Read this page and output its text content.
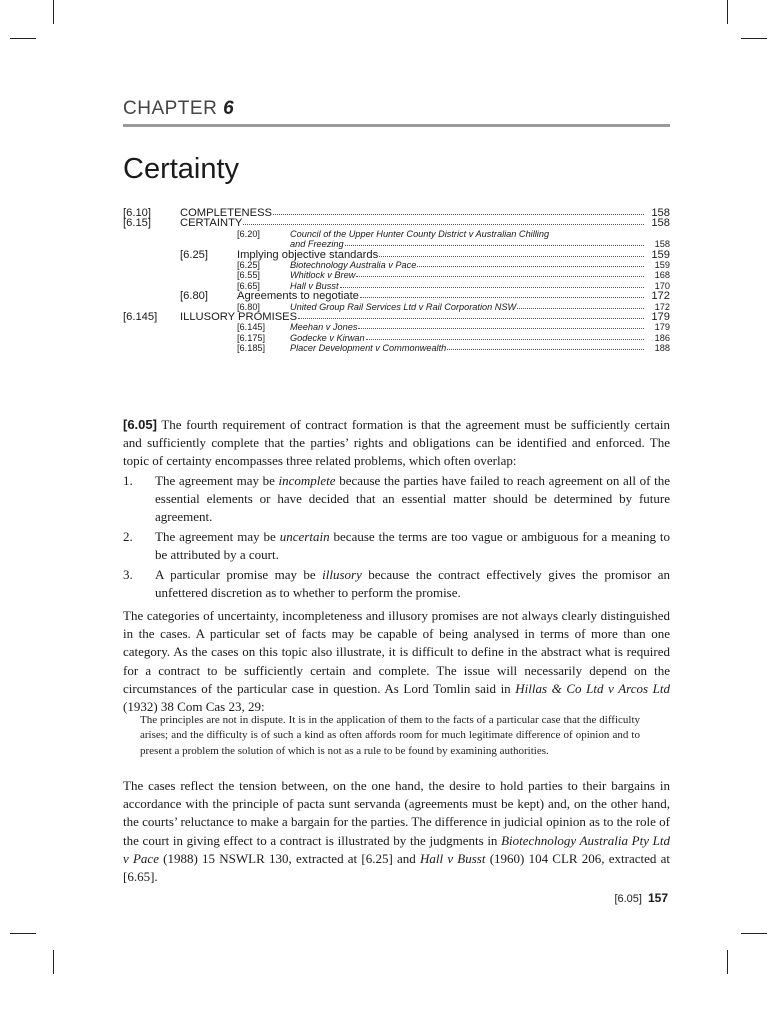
CHAPTER 6
Certainty
[6.10]	COMPLETENESS	158
[6.15]	CERTAINTY	158
[6.20]	Council of the Upper Hunter County District v Australian Chilling
and Freezing	158
[6.25]	Implying objective standards	159
[6.25]	Biotechnology Australia v Pace	159
[6.55]	Whitlock v Brew	168
[6.65]	Hall v Busst	170
[6.80]	Agreements to negotiate	172
[6.80]	United Group Rail Services Ltd v Rail Corporation NSW	172
[6.145] ILLUSORY PROMISES	179
[6.145]	Meehan v Jones	179
[6.175]	Godecke v Kirwan	186
[6.185]	Placer Development v Commonwealth	188

[6.05] The fourth requirement of contract formation is that the agreement must be sufficiently certain and sufficiently complete that the parties’ rights and obligations can be identified and enforced. The topic of certainty encompasses three related problems, which often overlap:

1. The agreement may be incomplete because the parties have failed to reach agreement on all of the essential elements or have decided that an essential matter should be determined by future agreement.
2. The agreement may be uncertain because the terms are too vague or ambiguous for a meaning to be attributed by a court.
3. A particular promise may be illusory because the contract effectively gives the promisor an unfettered discretion as to whether to perform the promise.

The categories of uncertainty, incompleteness and illusory promises are not always clearly distinguished in the cases. A particular set of facts may be capable of being analysed in terms of more than one category. As the cases on this topic also illustrate, it is difficult to define in the abstract what is required for a contract to be sufficiently certain and complete. The issue will necessarily depend on the circumstances of the particular case in question. As Lord Tomlin said in Hillas & Co Ltd v Arcos Ltd (1932) 38 Com Cas 23, 29:

The principles are not in dispute. It is in the application of them to the facts of a particular case that the difficulty arises; and the difficulty is of such a kind as often affords room for much legitimate difference of opinion and to present a problem the solution of which is not as a rule to be found by examining authorities.

The cases reflect the tension between, on the one hand, the desire to hold parties to their bargains in accordance with the principle of pacta sunt servanda (agreements must be kept) and, on the other hand, the courts’ reluctance to make a bargain for the parties. The difference in judicial opinion as to the role of the court in giving effect to a contract is illustrated by the judgments in Biotechnology Australia Pty Ltd v Pace (1988) 15 NSWLR 130, extracted at [6.25] and Hall v Busst (1960) 104 CLR 206, extracted at [6.65].

[6.05] 157
